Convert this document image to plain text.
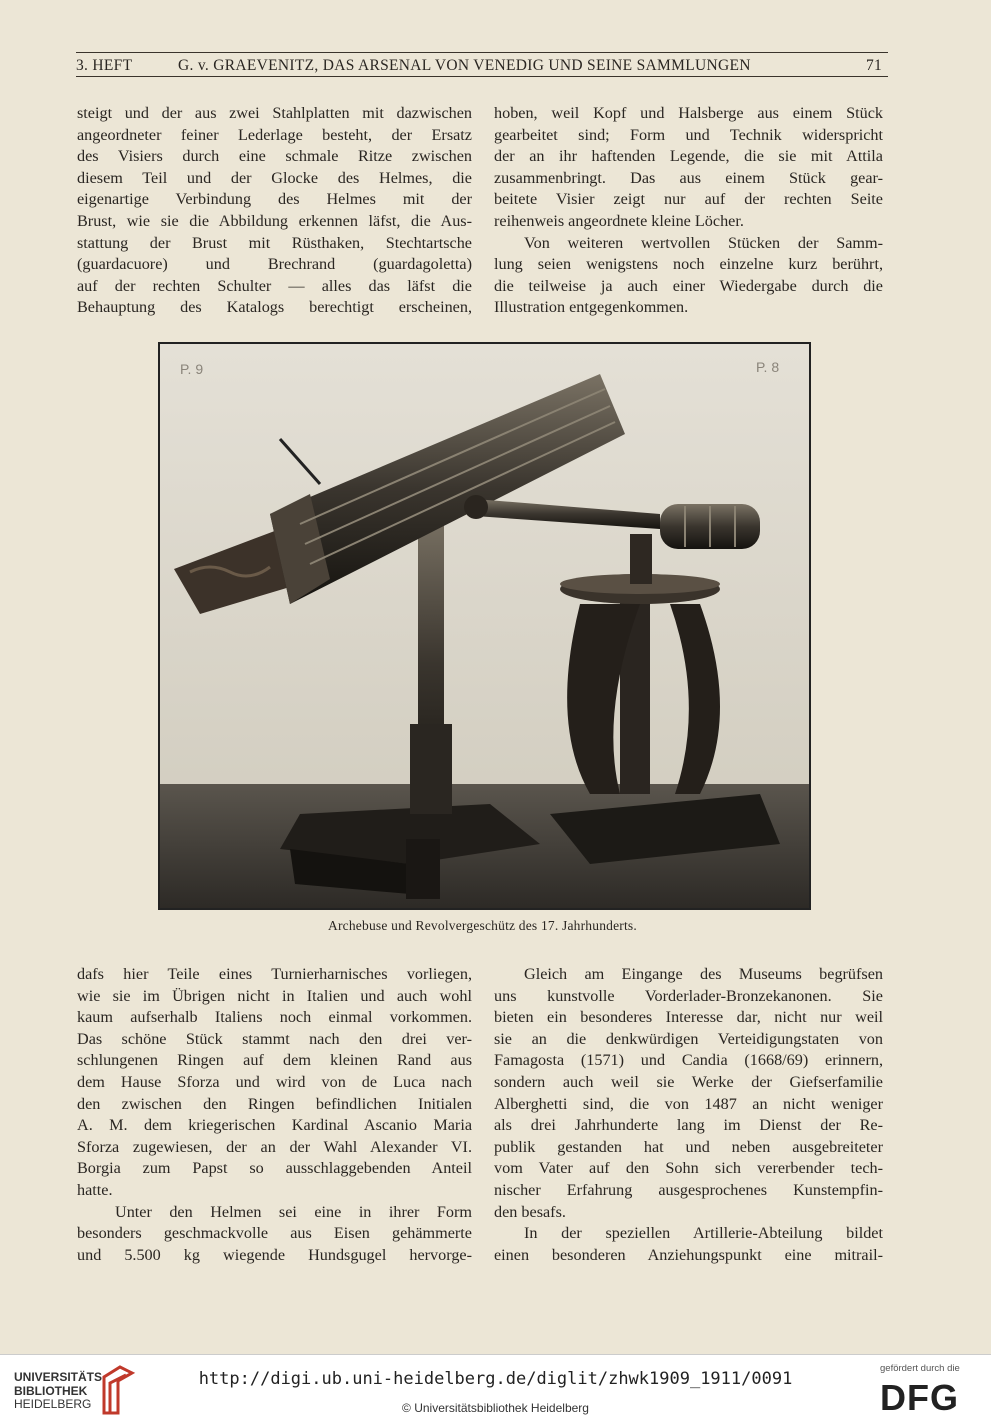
3. HEFT	G. v. GRAEVENITZ, DAS ARSENAL VON VENEDIG UND SEINE SAMMLUNGEN	71
steigt und der aus zwei Stahlplatten mit dazwischen
angeordneter feiner Lederlage besteht, der Ersatz
des Visiers durch eine schmale Ritze zwischen
diesem Teil und der Glocke des Helmes, die
eigenartige Verbindung des Helmes mit der
Brust, wie sie die Abbildung erkennen läfst, die Aus-
stattung der Brust mit Rüsthaken, Stechtartsche
(guardacuore) und Brechrand (guardagoletta)
auf der rechten Schulter — alles das läfst die
Behauptung des Katalogs berechtigt erscheinen,
hoben, weil Kopf und Halsberge aus einem Stück
gearbeitet sind; Form und Technik widerspricht
der an ihr haftenden Legende, die sie mit Attila
zusammenbringt. Das aus einem Stück gear-
beitete Visier zeigt nur auf der rechten Seite
reihenweis angeordnete kleine Löcher.
Von weiteren wertvollen Stücken der Samm-
lung seien wenigstens noch einzelne kurz berührt,
die teilweise ja auch einer Wiedergabe durch die
Illustration entgegenkommen.
P. 9	P. 8
Archebuse und Revolvergeschütz des 17. Jahrhunderts.
dafs hier Teile eines Turnierharnisches vorliegen,
wie sie im Übrigen nicht in Italien und auch wohl
kaum aufserhalb Italiens noch einmal vorkommen.
Das schöne Stück stammt nach den drei ver-
schlungenen Ringen auf dem kleinen Rand aus
dem Hause Sforza und wird von de Luca nach
den zwischen den Ringen befindlichen Initialen
A. M. dem kriegerischen Kardinal Ascanio Maria
Sforza zugewiesen, der an der Wahl Alexander VI.
Borgia zum Papst so ausschlaggebenden Anteil
hatte.
Unter den Helmen sei eine in ihrer Form
besonders geschmackvolle aus Eisen gehämmerte
und 5.500 kg wiegende Hundsgugel hervorge-
Gleich am Eingange des Museums begrüfsen
uns kunstvolle Vorderlader-Bronzekanonen. Sie
bieten ein besonderes Interesse dar, nicht nur weil
sie an die denkwürdigen Verteidigungstaten von
Famagosta (1571) und Candia (1668/69) erinnern,
sondern auch weil sie Werke der Giefserfamilie
Alberghetti sind, die von 1487 an nicht weniger
als drei Jahrhunderte lang im Dienst der Re-
publik gestanden hat und neben ausgebreiteter
vom Vater auf den Sohn sich vererbender tech-
nischer Erfahrung ausgesprochenes Kunstempfin-
den besafs.
In der speziellen Artillerie-Abteilung bildet
einen besonderen Anziehungspunkt eine mitrail-
UNIVERSITÄTS-
BIBLIOTHEK
HEIDELBERG
http://digi.ub.uni-heidelberg.de/diglit/zhwk1909_1911/0091
© Universitätsbibliothek Heidelberg
gefördert durch die
DFG
